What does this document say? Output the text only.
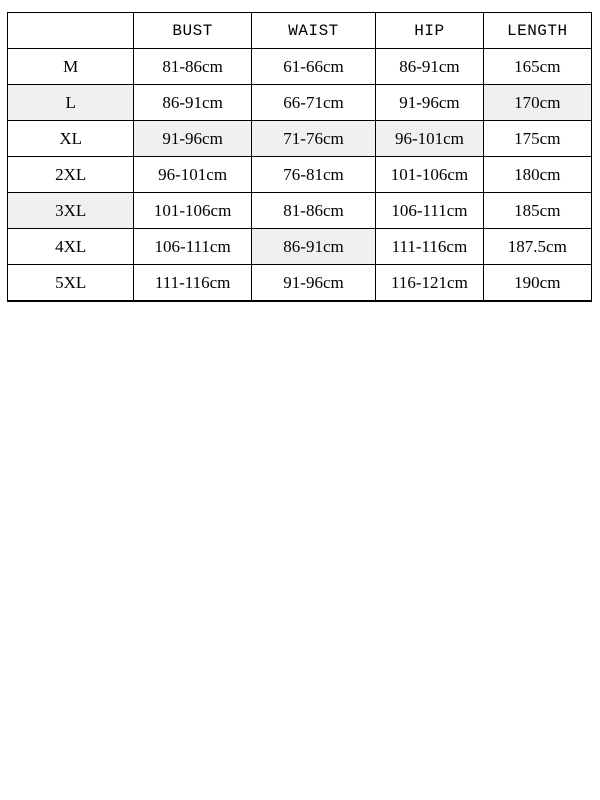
	BUST	WAIST	HIP	LENGTH
M	81-86cm	61-66cm	86-91cm	165cm
L	86-91cm	66-71cm	91-96cm	170cm
XL	91-96cm	71-76cm	96-101cm	175cm
2XL	96-101cm	76-81cm	101-106cm	180cm
3XL	101-106cm	81-86cm	106-111cm	185cm
4XL	106-111cm	86-91cm	111-116cm	187.5cm
5XL	111-116cm	91-96cm	116-121cm	190cm
